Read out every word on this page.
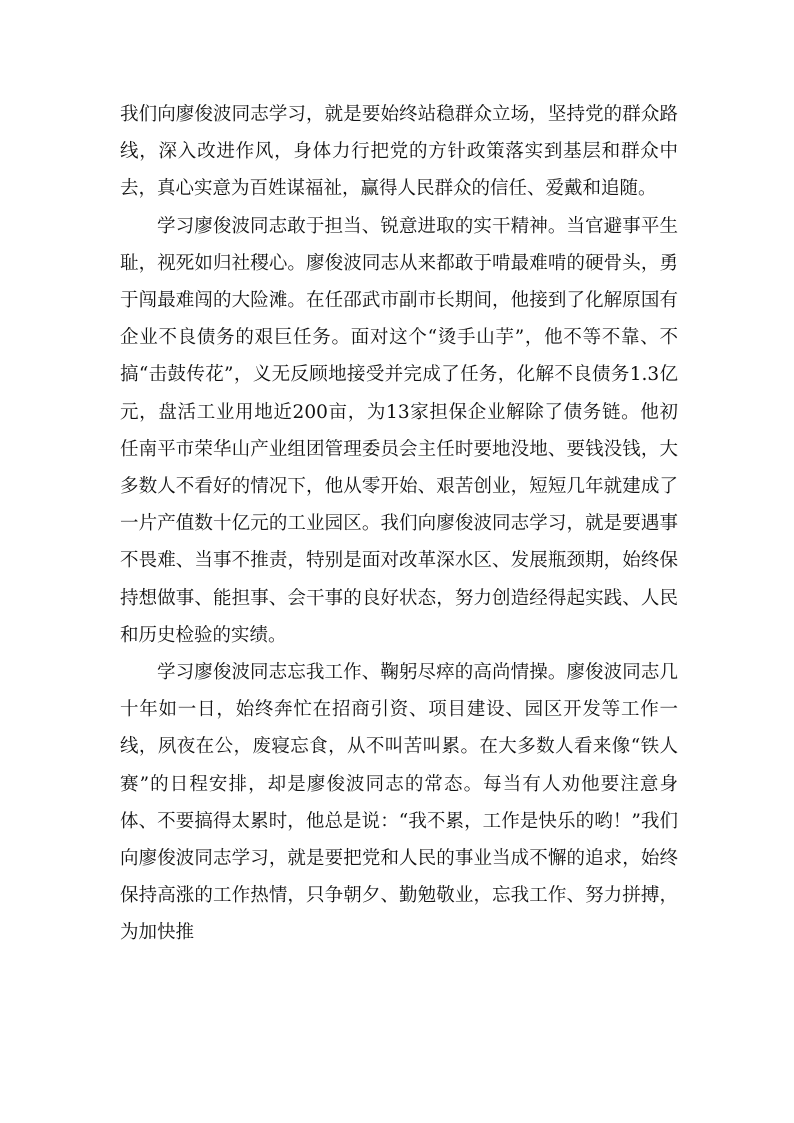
我们向廖俊波同志学习，就是要始终站稳群众立场，坚持党的群众路线，深入改进作风，身体力行把党的方针政策落实到基层和群众中去，真心实意为百姓谋福祉，赢得人民群众的信任、爱戴和追随。

学习廖俊波同志敢于担当、锐意进取的实干精神。当官避事平生耻，视死如归社稷心。廖俊波同志从来都敢于啃最难啃的硬骨头，勇于闯最难闯的大险滩。在任邵武市副市长期间，他接到了化解原国有企业不良债务的艰巨任务。面对这个“烫手山芋”，他不等不靠、不搞“击鼓传花”，义无反顾地接受并完成了任务，化解不良债务1.3亿元，盘活工业用地近200亩，为13家担保企业解除了债务链。他初任南平市荣华山产业组团管理委员会主任时要地没地、要钱没钱，大多数人不看好的情况下，他从零开始、艰苦创业，短短几年就建成了一片产值数十亿元的工业园区。我们向廖俊波同志学习，就是要遇事不畏难、当事不推责，特别是面对改革深水区、发展瓶颈期，始终保持想做事、能担事、会干事的良好状态，努力创造经得起实践、人民和历史检验的实绩。

学习廖俊波同志忘我工作、鞠躬尽瘁的高尚情操。廖俊波同志几十年如一日，始终奔忙在招商引资、项目建设、园区开发等工作一线，夙夜在公，废寝忘食，从不叫苦叫累。在大多数人看来像“铁人赛”的日程安排，却是廖俊波同志的常态。每当有人劝他要注意身体、不要搞得太累时，他总是说：“我不累，工作是快乐的哟！”我们向廖俊波同志学习，就是要把党和人民的事业当成不懈的追求，始终保持高涨的工作热情，只争朝夕、勤勉敬业，忘我工作、努力拼搏，为加快推
